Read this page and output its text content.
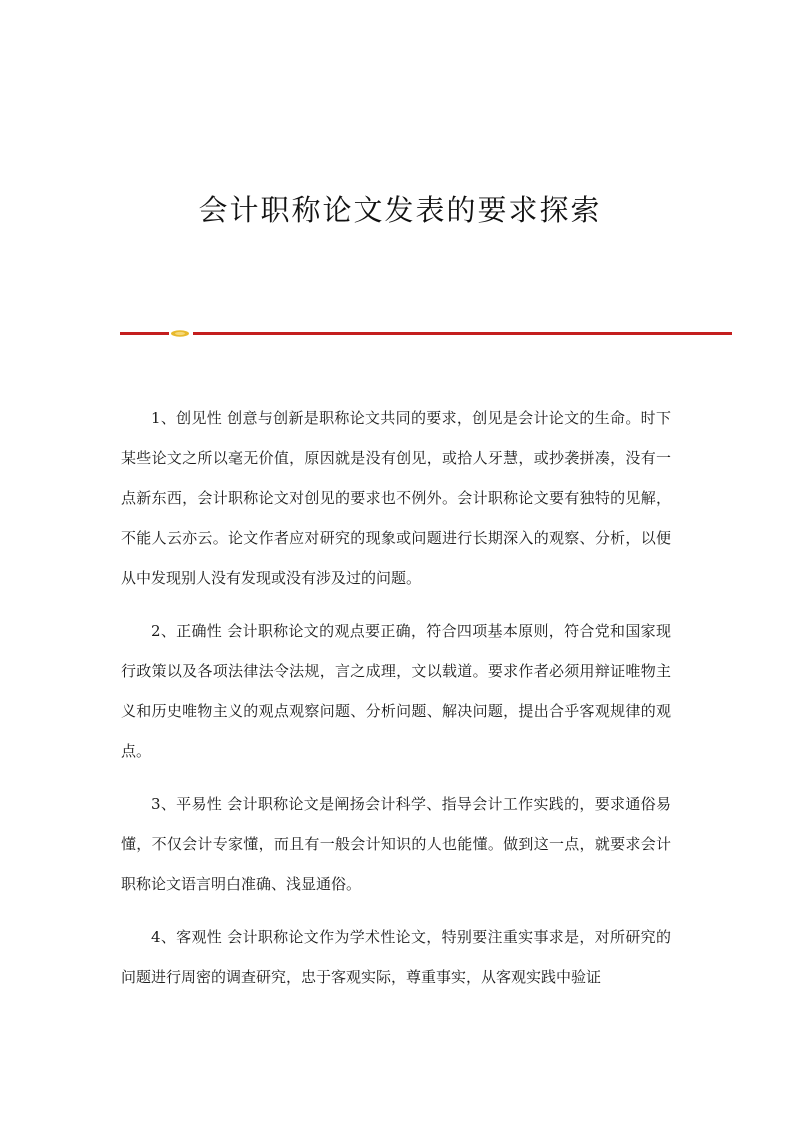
会计职称论文发表的要求探索

1、创见性 创意与创新是职称论文共同的要求，创见是会计论文的生命。时下某些论文之所以毫无价值，原因就是没有创见，或拾人牙慧，或抄袭拼凑，没有一点新东西，会计职称论文对创见的要求也不例外。会计职称论文要有独特的见解，不能人云亦云。论文作者应对研究的现象或问题进行长期深入的观察、分析，以便从中发现别人没有发现或没有涉及过的问题。

2、正确性 会计职称论文的观点要正确，符合四项基本原则，符合党和国家现行政策以及各项法律法令法规，言之成理，文以载道。要求作者必须用辩证唯物主义和历史唯物主义的观点观察问题、分析问题、解决问题，提出合乎客观规律的观点。

3、平易性 会计职称论文是阐扬会计科学、指导会计工作实践的，要求通俗易懂，不仅会计专家懂，而且有一般会计知识的人也能懂。做到这一点，就要求会计职称论文语言明白准确、浅显通俗。

4、客观性 会计职称论文作为学术性论文，特别要注重实事求是，对所研究的问题进行周密的调查研究，忠于客观实际，尊重事实，从客观实践中验证
